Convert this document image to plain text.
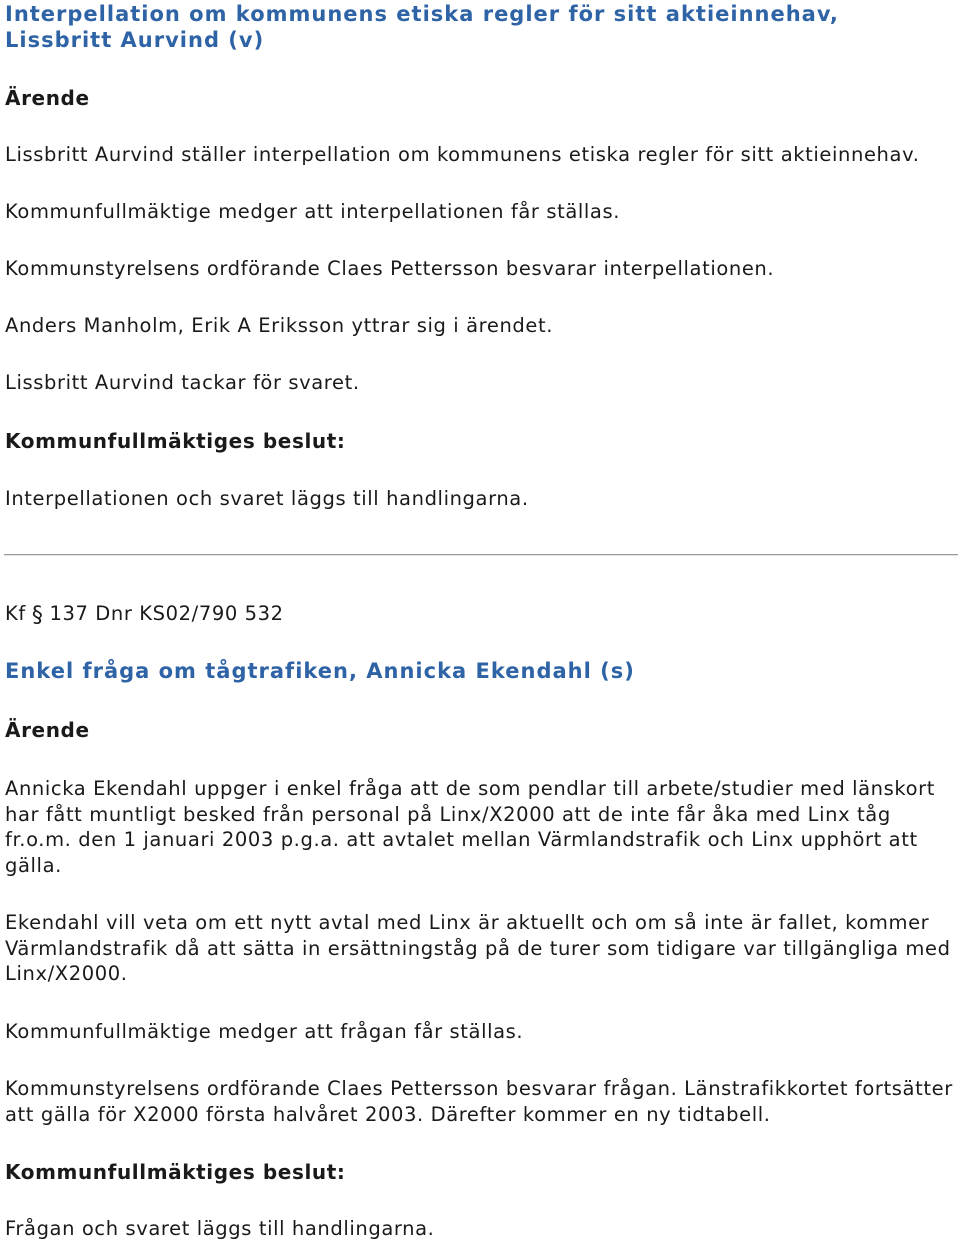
Interpellation om kommunens etiska regler för sitt aktieinnehav,
Lissbritt Aurvind (v)
Ärende

Lissbritt Aurvind ställer interpellation om kommunens etiska regler för sitt aktieinnehav.

Kommunfullmäktige medger att interpellationen får ställas.

Kommunstyrelsens ordförande Claes Pettersson besvarar interpellationen.

Anders Manholm, Erik A Eriksson yttrar sig i ärendet.

Lissbritt Aurvind tackar för svaret.

Kommunfullmäktiges beslut:

Interpellationen och svaret läggs till handlingarna.

Kf § 137 Dnr KS02/790 532

Enkel fråga om tågtrafiken, Annicka Ekendahl (s)
Ärende

Annicka Ekendahl uppger i enkel fråga att de som pendlar till arbete/studier med länskort har fått muntligt besked från personal på Linx/X2000 att de inte får åka med Linx tåg fr.o.m. den 1 januari 2003 p.g.a. att avtalet mellan Värmlandstrafik och Linx upphört att gälla.

Ekendahl vill veta om ett nytt avtal med Linx är aktuellt och om så inte är fallet, kommer Värmlandstrafik då att sätta in ersättningståg på de turer som tidigare var tillgängliga med Linx/X2000.

Kommunfullmäktige medger att frågan får ställas.

Kommunstyrelsens ordförande Claes Pettersson besvarar frågan. Länstrafikkortet fortsätter att gälla för X2000 första halvåret 2003. Därefter kommer en ny tidtabell.

Kommunfullmäktiges beslut:

Frågan och svaret läggs till handlingarna.
